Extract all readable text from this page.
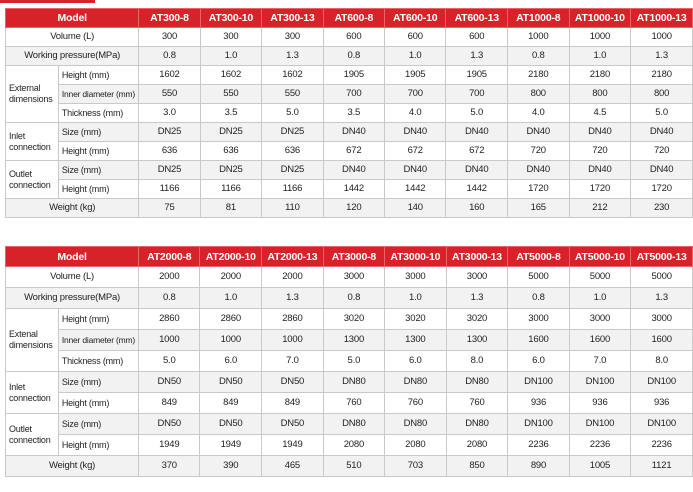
Model		AT300-8	AT300-10	AT300-13	AT600-8	AT600-10	AT600-13	AT1000-8	AT1000-10	AT1000-13
Volume (L)		300	300	300	600	600	600	1000	1000	1000
Working pressure(MPa)		0.8	1.0	1.3	0.8	1.0	1.3	0.8	1.0	1.3
External dimensions	Height (mm)	1602	1602	1602	1905	1905	1905	2180	2180	2180
	Inner diameter (mm)	550	550	550	700	700	700	800	800	800
	Thickness (mm)	3.0	3.5	5.0	3.5	4.0	5.0	4.0	4.5	5.0
Inlet connection	Size (mm)	DN25	DN25	DN25	DN40	DN40	DN40	DN40	DN40	DN40
	Height (mm)	636	636	636	672	672	672	720	720	720
Outlet connection	Size (mm)	DN25	DN25	DN25	DN40	DN40	DN40	DN40	DN40	DN40
	Height (mm)	1166	1166	1166	1442	1442	1442	1720	1720	1720
Weight (kg)		75	81	110	120	140	160	165	212	230
Model		AT2000-8	AT2000-10	AT2000-13	AT3000-8	AT3000-10	AT3000-13	AT5000-8	AT5000-10	AT5000-13
Volume (L)		2000	2000	2000	3000	3000	3000	5000	5000	5000
Working pressure(MPa)		0.8	1.0	1.3	0.8	1.0	1.3	0.8	1.0	1.3
Extenal dimensions	Height (mm)	2860	2860	2860	3020	3020	3020	3000	3000	3000
	Inner diameter (mm)	1000	1000	1000	1300	1300	1300	1600	1600	1600
	Thickness (mm)	5.0	6.0	7.0	5.0	6.0	8.0	6.0	7.0	8.0
Inlet connection	Size (mm)	DN50	DN50	DN50	DN80	DN80	DN80	DN100	DN100	DN100
	Height (mm)	849	849	849	760	760	760	936	936	936
Outlet connection	Size (mm)	DN50	DN50	DN50	DN80	DN80	DN80	DN100	DN100	DN100
	Height (mm)	1949	1949	1949	2080	2080	2080	2236	2236	2236
Weight (kg)		370	390	465	510	703	850	890	1005	1121
